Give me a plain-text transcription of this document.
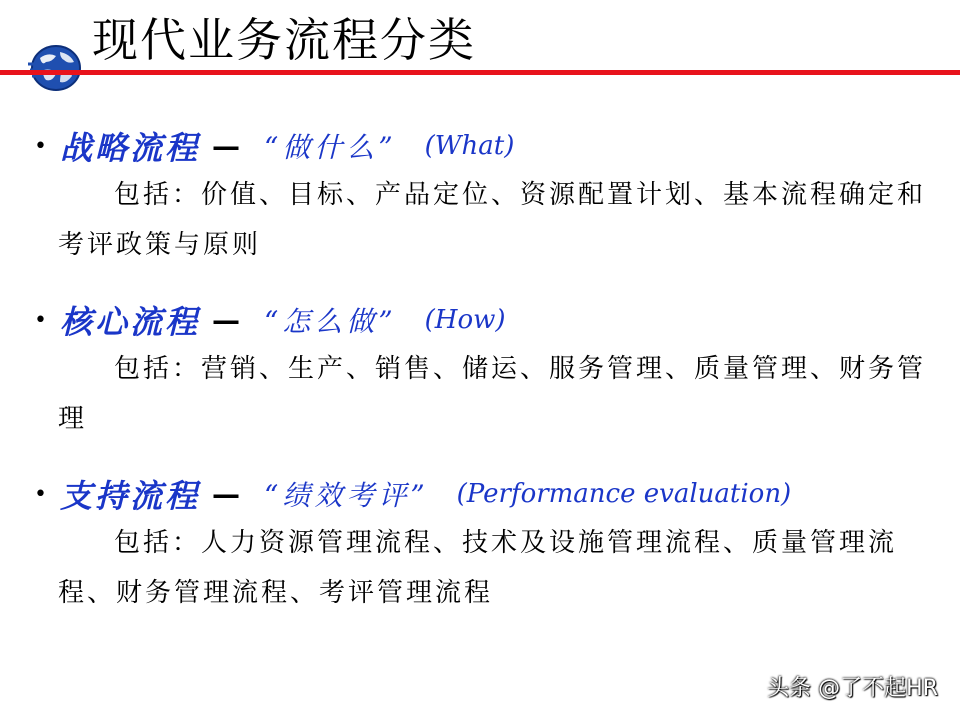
现代业务流程分类
• 战略流程 — “做什么” (What)
包括：价值、目标、产品定位、资源配置计划、基本流程确定和考评政策与原则
• 核心流程 — “怎么做” (How)
包括：营销、生产、销售、储运、服务管理、质量管理、财务管理
• 支持流程 — “绩效考评” (Performance evaluation)
包括：人力资源管理流程、技术及设施管理流程、质量管理流程、财务管理流程、考评管理流程
头条 @了不起HR
